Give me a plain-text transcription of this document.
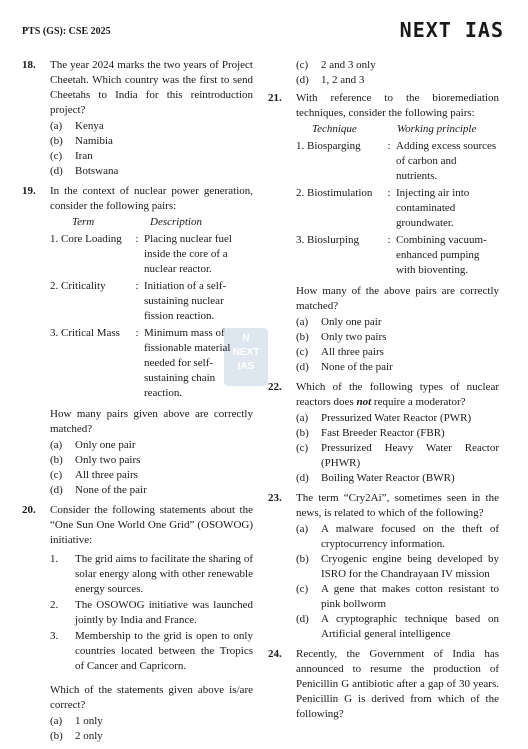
PTS (GS): CSE 2025	NEXT IAS
N
NEXT
IAS
18. The year 2024 marks the two years of Project Cheetah. Which country was the first to send Cheetahs to India for this reintroduction project?
(a) Kenya
(b) Namibia
(c) Iran
(d) Botswana
19. In the context of nuclear power generation, consider the following pairs:
Term	Description
1. Core Loading	: Placing nuclear fuel inside the core of a nuclear reactor.
2. Criticality	: Initiation of a self-sustaining nuclear fission reaction.
3. Critical Mass	: Minimum mass of fissionable material needed for self-sustaining chain reaction.
How many pairs given above are correctly matched?
(a) Only one pair
(b) Only two pairs
(c) All three pairs
(d) None of the pair
20. Consider the following statements about the “One Sun One World One Grid” (OSOWOG) initiative:
1. The grid aims to facilitate the sharing of solar energy along with other renewable energy sources.
2. The OSOWOG initiative was launched jointly by India and France.
3. Membership to the grid is open to only countries located between the Tropics of Cancer and Capricorn.
Which of the statements given above is/are correct?
(a) 1 only
(b) 2 only
(c) 2 and 3 only
(d) 1, 2 and 3
21. With reference to the bioremediation techniques, consider the following pairs:
Technique	Working principle
1. Biosparging	: Adding excess sources of carbon and nutrients.
2. Biostimulation	: Injecting air into contaminated groundwater.
3. Bioslurping	: Combining vacuum-enhanced pumping with bioventing.
How many of the above pairs are correctly matched?
(a) Only one pair
(b) Only two pairs
(c) All three pairs
(d) None of the pair
22. Which of the following types of nuclear reactors does not require a moderator?
(a) Pressurized Water Reactor (PWR)
(b) Fast Breeder Reactor (FBR)
(c) Pressurized Heavy Water Reactor (PHWR)
(d) Boiling Water Reactor (BWR)
23. The term “Cry2Ai”, sometimes seen in the news, is related to which of the following?
(a) A malware focused on the theft of cryptocurrency information.
(b) Cryogenic engine being developed by ISRO for the Chandrayaan IV mission
(c) A gene that makes cotton resistant to pink bollworm
(d) A cryptographic technique based on Artificial general intelligence
24. Recently, the Government of India has announced to resume the production of Penicillin G antibiotic after a gap of 30 years. Penicillin G is derived from which of the following?
